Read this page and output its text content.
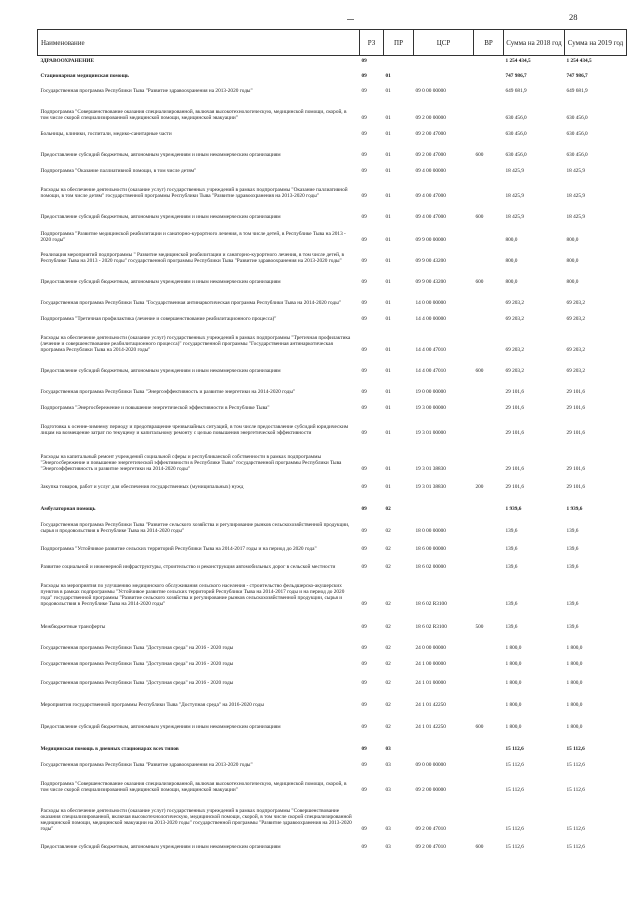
28
Наименование	РЗ	ПР	ЦСР	ВР	Сумма на 2018 год	Сумма на 2019 год
ЗДРАВООХРАНЕНИЕ	09				1 254 434,5	1 254 434,5
Стационарная медицинская помощь	09	01			747 986,7	747 986,7
Государственная программа Республики Тыва "Развитие здравоохранения на 2013-2020 годы"	09	01	09 0 00 00000		649 681,9	649 681,9
Подпрограмма "Совершенствование оказания специализированной, включая высокотехнологическую, медицинской помощи, скорой, в том числе скорой специализированной медицинской помощи, медицинской эвакуации"	09	01	09 2 00 00000		630 456,0	630 456,0
Больницы, клиники, госпитали, медико-санитарные части	09	01	09 2 00 47000		630 456,0	630 456,0
Предоставление субсидий бюджетным, автономным учреждениям и иным некоммерческим организациям	09	01	09 2 00 47000	600	630 456,0	630 456,0
Подпрограмма "Оказание паллиативной помощи, в том числе детям"	09	01	09 4 00 00000		18 425,9	18 425,9
Расходы на обеспечение деятельности (оказание услуг) государственных учреждений в рамках подпрограммы "Оказание паллиативной помощи, в том числе детям" государственной программы Республики Тыва "Развитие здравоохранения на 2013-2020 годы"	09	01	09 4 00 47000		18 425,9	18 425,9
Предоставление субсидий бюджетным, автономным учреждениям и иным некоммерческим организациям	09	01	09 4 00 47000	600	18 425,9	18 425,9
Подпрограмма "Развитие медицинской реабилитации и санаторно-курортного лечения, в том числе детей, в Республике Тыва на 2013 - 2020 годы"	09	01	09 9 00 00000		800,0	800,0
Реализация мероприятий подпрограммы " Развитие медицинской реабилитации и санаторно-курортного лечения, в том числе детей, в Республике Тыва на 2013 - 2020 годы" государственной программы Республики Тыва "Развитие здравоохранения на 2013-2020 годы"	09	01	09 9 00 43200		800,0	800,0
Предоставление субсидий бюджетным, автономным учреждениям и иным некоммерческим организациям	09	01	09 9 00 43200	600	800,0	800,0
Государственная программа Республики Тыва "Государственная антинаркотическая программа Республики Тыва на 2014-2020 годы"	09	01	14 0 00 00000		69 203,2	69 203,2
Подпрограмма "Третичная профилактика (лечение и совершенствование реабилитационного процесса)"	09	01	14 4 00 00000		69 203,2	69 203,2
Расходы на обеспечение деятельности (оказание услуг) государственных учреждений в рамках подпрограммы "Третичная профилактика (лечение и совершенствование реабилитационного процесса)" государственной программы "Государственная антинаркотическая программа Республики Тыва на 2014-2020 годы"	09	01	14 4 00 47010		69 203,2	69 203,2
Предоставление субсидий бюджетным, автономным учреждениям и иным некоммерческим организациям	09	01	14 4 00 47010	600	69 203,2	69 203,2
Государственная программа Республики Тыва "Энергоэффективность и развитие энергетики на 2014-2020 годы"	09	01	19 0 00 00000		29 101,6	29 101,6
Подпрограмма "Энергосбережение и повышение энергетической эффективности в Республике Тыва"	09	01	19 3 00 00000		29 101,6	29 101,6
Подготовка к осенне-зимнему периоду и предотвращение чрезвычайных ситуаций, в том числе предоставление субсидий юридическим лицам на возмещение затрат по текущему и капитальному ремонту с целью повышения энергетической эффективности	09	01	19 3 01 00000		29 101,6	29 101,6
Расходы на капитальный ремонт учреждений социальной сферы и республиканской собственности в рамках подпрограммы "Энергосбережение и повышение энергетической эффективности в Республике Тыва" государственной программы Республики Тыва "Энергоэффективность и развитие энергетики на 2014-2020 годы"	09	01	19 3 01 38830		29 101,6	29 101,6
Закупка товаров, работ и услуг для обеспечения государственных (муниципальных) нужд	09	01	19 3 01 38830	200	29 101,6	29 101,6
Амбулаторная помощь	09	02			1 939,6	1 939,6
Государственная программа Республики Тыва "Развитие сельского хозяйства и регулирование рынков сельскохозяйственной продукции, сырья и продовольствия в Республике Тыва на 2014-2020 годы"	09	02	18 0 00 00000		139,6	139,6
Подпрограмма "Устойчивое развитие сельских территорий Республики Тыва на 2014-2017 годы и на период до 2020 года"	09	02	18 6 00 00000		139,6	139,6
Развитие социальной и инженерной инфраструктуры, строительство и реконструкция автомобильных дорог в сельской местности	09	02	18 6 02 00000		139,6	139,6
Расходы на мероприятия по улучшению медицинского обслуживания сельского населения - строительство фельдшерско-акушерских пунктов в рамках подпрограммы "Устойчивое развитие сельских территорий Республики Тыва на 2014-2017 годы и на период до 2020 года" государственной программы "Развитие сельского хозяйства и регулирование рынков сельскохозяйственной продукции, сырья и продовольствия в Республике Тыва на 2014-2020 годы"	09	02	18 6 02 R3100		139,6	139,6
Межбюджетные трансферты	09	02	18 6 02 R3100	500	139,6	139,6
Государственная программа Республики Тыва "Доступная среда" на 2016 - 2020 годы	09	02	24 0 00 00000		1 800,0	1 800,0
Государственная программа Республики Тыва "Доступная среда" на 2016 - 2020 годы	09	02	24 1 00 00000		1 800,0	1 800,0
Государственная программа Республики Тыва "Доступная среда" на 2016 - 2020 годы	09	02	24 1 01 00000		1 800,0	1 800,0
Мероприятия государственной программы Республики Тыва "Доступная среда" на 2016-2020 годы	09	02	24 1 01 42250		1 800,0	1 800,0
Предоставление субсидий бюджетным, автономным учреждениям и иным некоммерческим организациям	09	02	24 1 01 42250	600	1 800,0	1 800,0
Медицинская помощь в дневных стационарах всех типов	09	03			15 112,6	15 112,6
Государственная программа Республики Тыва "Развитие здравоохранения на 2013-2020 годы"	09	03	09 0 00 00000		15 112,6	15 112,6
Подпрограмма "Совершенствование оказания специализированной, включая высокотехнологическую, медицинской помощи, скорой, в том числе скорой специализированной медицинской помощи, медицинской эвакуации"	09	03	09 2 00 00000		15 112,6	15 112,6
Расходы на обеспечение деятельности (оказание услуг) государственных учреждений в рамках подпрограммы "Совершенствование оказания специализированной, включая высокотехнологическую, медицинской помощи, скорой, в том числе скорой специализированной медицинской помощи, медицинской эвакуации на 2013-2020 годы" государственной программы "Развитие здравоохранения на 2013-2020 годы"	09	03	09 2 00 47010		15 112,6	15 112,6
Предоставление субсидий бюджетным, автономным учреждениям и иным некоммерческим организациям	09	03	09 2 00 47010	600	15 112,6	15 112,6
